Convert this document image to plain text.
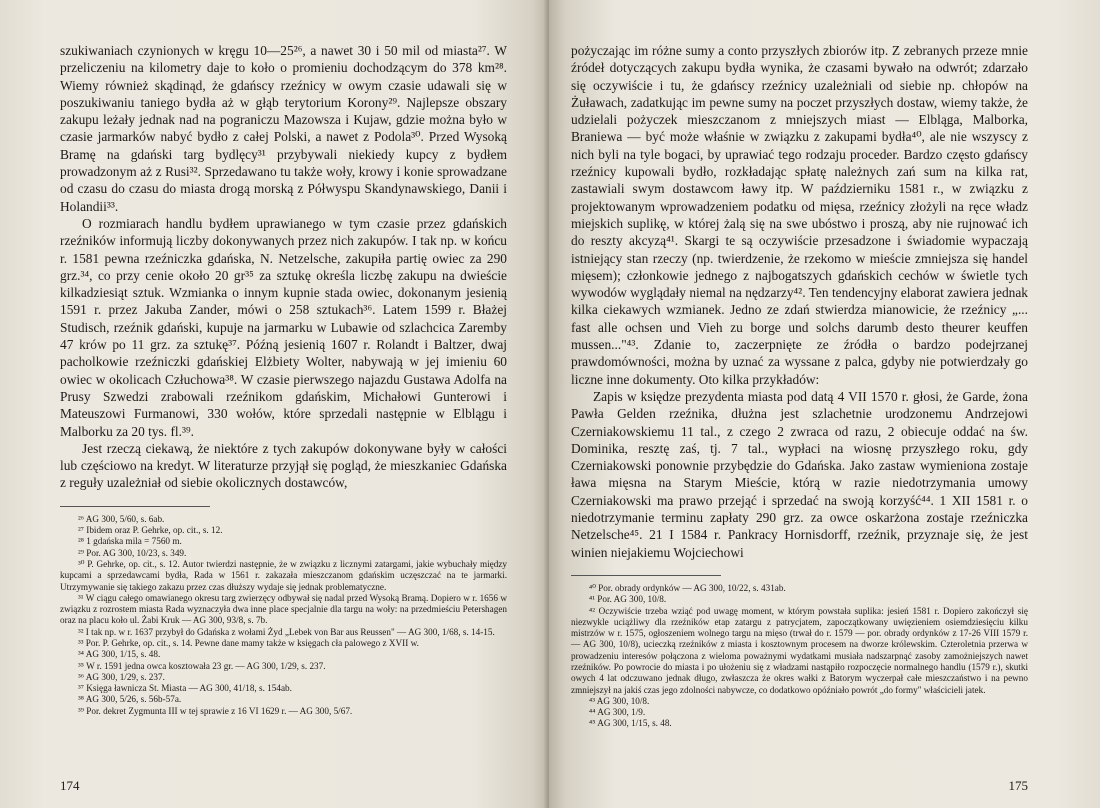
szukiwaniach czynionych w kręgu 10—25²⁶, a nawet 30 i 50 mil od miasta²⁷. W przeliczeniu na kilometry daje to koło o promieniu dochodzącym do 378 km²⁸. Wiemy również skądinąd, że gdańscy rzeźnicy w owym czasie udawali się w poszukiwaniu taniego bydła aż w głąb terytorium Korony²⁹. Najlepsze obszary zakupu leżały jednak nad na pograniczu Mazowsza i Kujaw, gdzie można było w czasie jarmarków nabyć bydło z całej Polski, a nawet z Podola³⁰. Przed Wysoką Bramę na gdański targ bydlęcy³¹ przybywali niekiedy kupcy z bydłem prowadzonym aż z Rusi³². Sprzedawano tu także woły, krowy i konie sprowadzane od czasu do czasu do miasta drogą morską z Półwyspu Skandynawskiego, Danii i Holandii³³.

O rozmiarach handlu bydłem uprawianego w tym czasie przez gdańskich rzeźników informują liczby dokonywanych przez nich zakupów. I tak np. w końcu r. 1581 pewna rzeźniczka gdańska, N. Netzelsche, zakupiła partię owiec za 290 grz.³⁴, co przy cenie około 20 gr³⁵ za sztukę określa liczbę zakupu na dwieście kilkadziesiąt sztuk. Wzmianka o innym kupnie stada owiec, dokonanym jesienią 1591 r. przez Jakuba Zander, mówi o 258 sztukach³⁶. Latem 1599 r. Błażej Studisch, rzeźnik gdański, kupuje na jarmarku w Lubawie od szlachcica Zaremby 47 krów po 11 grz. za sztukę³⁷. Późną jesienią 1607 r. Rolandt i Baltzer, dwaj pacholkowie rzeźniczki gdańskiej Elżbiety Wolter, nabywają w jej imieniu 60 owiec w okolicach Człuchowa³⁸. W czasie pierwszego najazdu Gustawa Adolfa na Prusy Szwedzi zrabowali rzeźnikom gdańskim, Michałowi Gunterowi i Mateuszowi Furmanowi, 330 wołów, które sprzedali następnie w Elblągu i Malborku za 20 tys. fl.³⁹.

Jest rzeczą ciekawą, że niektóre z tych zakupów dokonywane były w całości lub częściowo na kredyt. W literaturze przyjął się pogląd, że mieszkaniec Gdańska z reguły uzależniał od siebie okolicznych dostawców,

²⁶ AG 300, 5/60, s. 6ab.

²⁷ Ibidem oraz P. Gehrke, op. cit., s. 12.

²⁸ 1 gdańska mila = 7560 m.

²⁹ Por. AG 300, 10/23, s. 349.

³⁰ P. Gehrke, op. cit., s. 12. Autor twierdzi następnie, że w związku z licznymi zatargami, jakie wybuchały między kupcami a sprzedawcami bydła, Rada w 1561 r. zakazała mieszczanom gdańskim uczęszczać na te jarmarki. Utrzymywanie się takiego zakazu przez czas dłuższy wydaje się jednak problematyczne.

³¹ W ciągu całego omawianego okresu targ zwierzęcy odbywał się nadal przed Wysoką Bramą. Dopiero w r. 1656 w związku z rozrostem miasta Rada wyznaczyła dwa inne place specjalnie dla targu na woły: na przedmieściu Petershagen oraz na placu koło ul. Żabi Kruk — AG 300, 93/8, s. 7b.

³² I tak np. w r. 1637 przybył do Gdańska z wołami Żyd „Lebek von Bar aus Reussen" — AG 300, 1/68, s. 14-15.

³³ Por. P. Gehrke, op. cit., s. 14. Pewne dane mamy także w księgach cła palowego z XVII w.

³⁴ AG 300, 1/15, s. 48.

³⁵ W r. 1591 jedna owca kosztowała 23 gr. — AG 300, 1/29, s. 237.

³⁶ AG 300, 1/29, s. 237.

³⁷ Księga ławnicza St. Miasta — AG 300, 41/18, s. 154ab.

³⁸ AG 300, 5/26, s. 56b-57a.

³⁹ Por. dekret Zygmunta III w tej sprawie z 16 VI 1629 r. — AG 300, 5/67.

174

pożyczając im różne sumy a conto przyszłych zbiorów itp. Z zebranych przeze mnie źródeł dotyczących zakupu bydła wynika, że czasami bywało na odwrót; zdarzało się oczywiście i tu, że gdańscy rzeźnicy uzależniali od siebie np. chłopów na Żuławach, zadatkując im pewne sumy na poczet przyszłych dostaw, wiemy także, że udzielali pożyczek mieszczanom z mniejszych miast — Elbląga, Malborka, Braniewa — być może właśnie w związku z zakupami bydła⁴⁰, ale nie wszyscy z nich byli na tyle bogaci, by uprawiać tego rodzaju proceder. Bardzo często gdańscy rzeźnicy kupowali bydło, rozkładając spłatę należnych zań sum na kilka rat, zastawiali swym dostawcom ławy itp. W październiku 1581 r., w związku z projektowanym wprowadzeniem podatku od mięsa, rzeźnicy złożyli na ręce władz miejskich suplikę, w której żalą się na swe ubóstwo i proszą, aby nie rujnować ich do reszty akcyzą⁴¹. Skargi te są oczywiście przesadzone i świadomie wypaczają istniejący stan rzeczy (np. twierdzenie, że rzekomo w mieście zmniejsza się handel mięsem); członkowie jednego z najbogatszych gdańskich cechów w świetle tych wywodów wyglądały niemal na nędzarzy⁴². Ten tendencyjny elaborat zawiera jednak kilka ciekawych wzmianek. Jedno ze zdań stwierdza mianowicie, że rzeźnicy „... fast alle ochsen und Vieh zu borge und solchs darumb desto theurer keuffen mussen..."⁴³. Zdanie to, zaczerpnięte ze źródła o bardzo podejrzanej prawdomówności, można by uznać za wyssane z palca, gdyby nie potwierdzały go liczne inne dokumenty. Oto kilka przykładów:

Zapis w księdze prezydenta miasta pod datą 4 VII 1570 r. głosi, że Garde, żona Pawła Gelden rzeźnika, dłużna jest szlachetnie urodzonemu Andrzejowi Czerniakowskiemu 11 tal., z czego 2 zwraca od razu, 2 obiecuje oddać na św. Dominika, resztę zaś, tj. 7 tal., wypłaci na wiosnę przyszłego roku, gdy Czerniakowski ponownie przybędzie do Gdańska. Jako zastaw wymieniona zostaje ława mięsna na Starym Mieście, którą w razie niedotrzymania umowy Czerniakowski ma prawo przejąć i sprzedać na swoją korzyść⁴⁴. 1 XII 1581 r. o niedotrzymanie terminu zapłaty 290 grz. za owce oskarżona zostaje rzeźniczka Netzelsche⁴⁵. 21 I 1584 r. Pankracy Hornisdorff, rzeźnik, przyznaje się, że jest winien niejakiemu Wojciechowi

⁴⁰ Por. obrady ordynków — AG 300, 10/22, s. 431ab.

⁴¹ Por. AG 300, 10/8.

⁴² Oczywiście trzeba wziąć pod uwagę moment, w którym powstała suplika: jesień 1581 r. Dopiero zakończył się niezwykle uciążliwy dla rzeźników etap zatargu z patrycjatem, zapoczątkowany uwięzieniem osiemdziesięciu kilku mistrzów w r. 1575, ogłoszeniem wolnego targu na mięso (trwał do r. 1579 — por. obrady ordynków z 17-26 VIII 1579 r. — AG 300, 10/8), ucieczką rzeźników z miasta i kosztownym procesem na dworze królewskim. Czteroletnia przerwa w prowadzeniu interesów połączona z wieloma poważnymi wydatkami musiała nadszarpnąć zasoby zamożniejszych nawet rzeźników. Po powrocie do miasta i po ułożeniu się z władzami nastąpiło rozpoczęcie normalnego handlu (1579 r.), skutki owych 4 lat odczuwano jednak długo, zwłaszcza że okres wałki z Batorym wyczerpał całe mieszczaństwo i na pewno zmniejszył na jakiś czas jego zdolności nabywcze, co dodatkowo opóźniało powrót „do formy" właścicieli jatek.

⁴³ AG 300, 10/8.

⁴⁴ AG 300, 1/9.

⁴⁵ AG 300, 1/15, s. 48.

175
